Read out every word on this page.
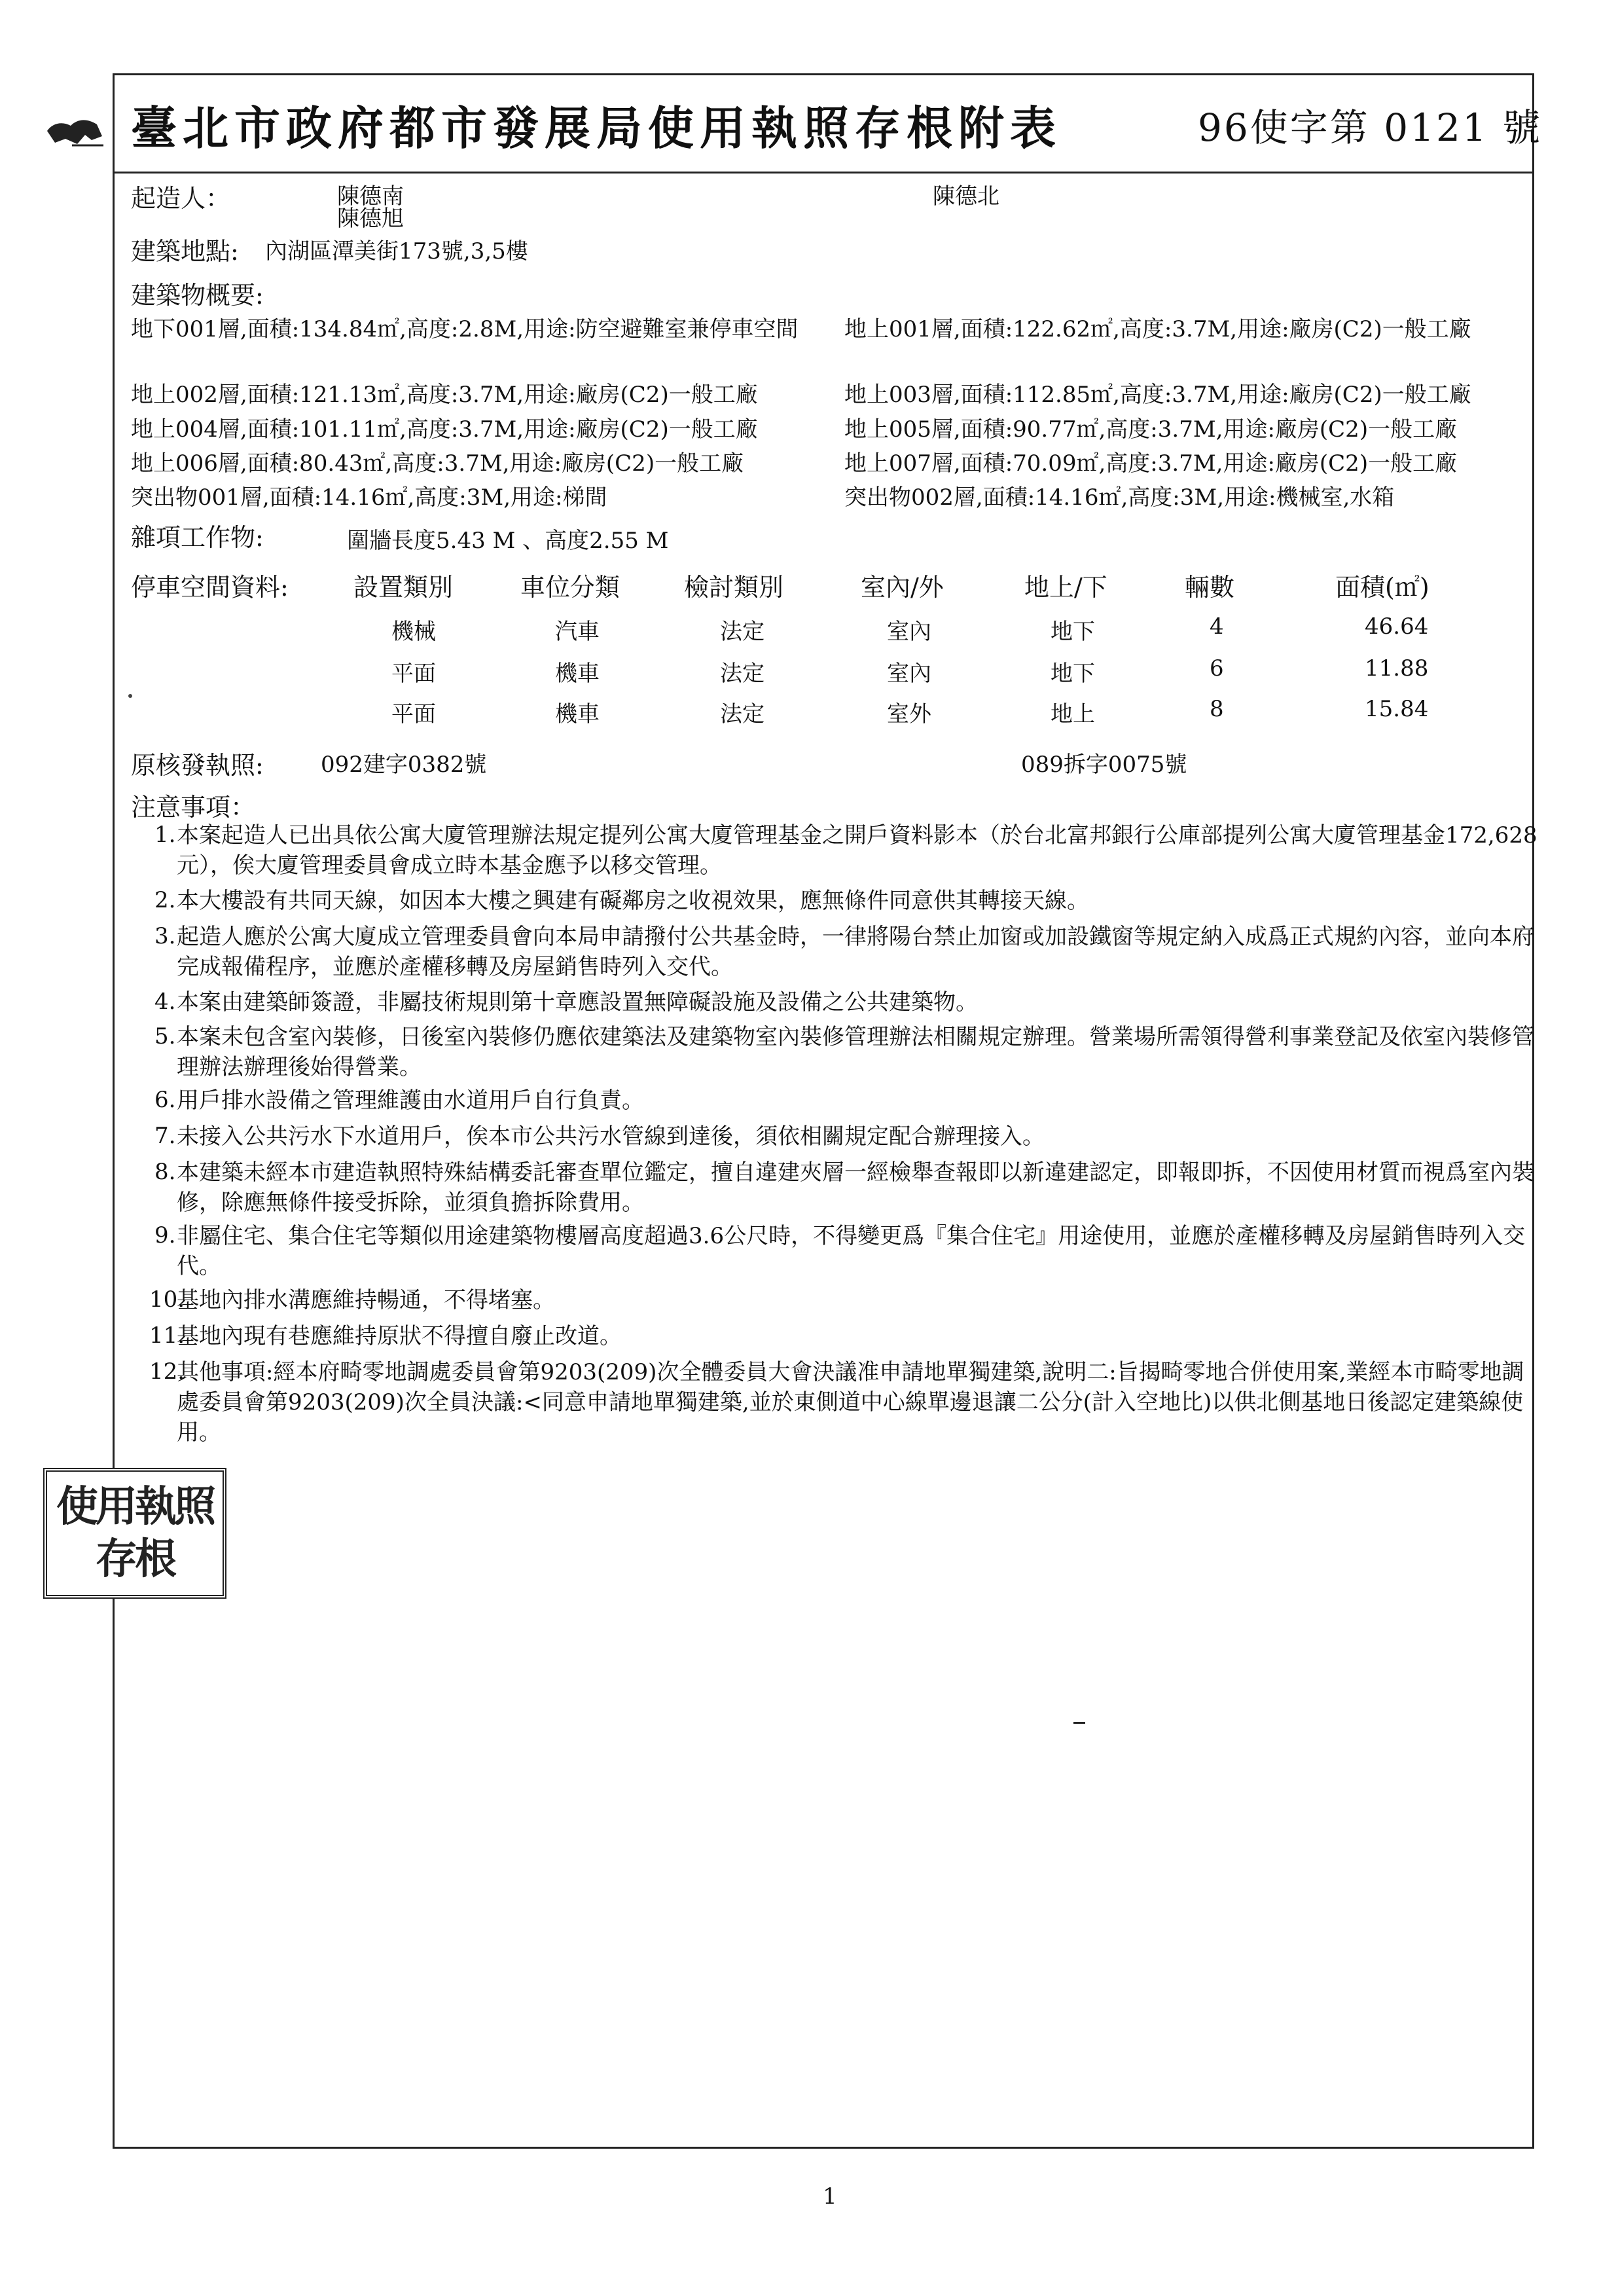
臺北市政府都市發展局使用執照存根附表	96使字第 0121 號
起造人：	陳德南
陳德旭
陳德北
建築地點: 內湖區潭美街173號,3,5樓
建築物概要:
地下001層,面積:134.84㎡,高度:2.8M,用途:防空避難室兼停車空間 地上001層,面積:122.62㎡,高度:3.7M,用途:廠房(C2)一般工廠
地上002層,面積:121.13㎡,高度:3.7M,用途:廠房(C2)一般工廠	地上003層,面積:112.85㎡,高度:3.7M,用途:廠房(C2)一般工廠
地上004層,面積:101.11㎡,高度:3.7M,用途:廠房(C2)一般工廠	地上005層,面積:90.77㎡,高度:3.7M,用途:廠房(C2)一般工廠
地上006層,面積:80.43㎡,高度:3.7M,用途:廠房(C2)一般工廠	地上007層,面積:70.09㎡,高度:3.7M,用途:廠房(C2)一般工廠
突出物001層,面積:14.16㎡,高度:3M,用途:梯間	突出物002層,面積:14.16㎡,高度:3M,用途:機械室,水箱
雜項工作物:	圍牆長度5.43 M 、高度2.55 M
停車空間資料:	設置類別	車位分類	檢討類別	室內/外	地上/下	輛數	面積(㎡)
機械	汽車	法定	室內	地下	4	46.64
平面	機車	法定	室內	地下	6	11.88
平面	機車	法定	室外	地上	8	15.84
原核發執照:	092建字0382號	089拆字0075號
注意事項：
1. 本案起造人已出具依公寓大廈管理辦法規定提列公寓大廈管理基金之開戶資料影本（於台北富邦銀行公庫部提列公寓大廈管理基金172,628元），俟大廈管理委員會成立時本基金應予以移交管理。
2. 本大樓設有共同天線，如因本大樓之興建有礙鄰房之收視效果，應無條件同意供其轉接天線。
3. 起造人應於公寓大廈成立管理委員會向本局申請撥付公共基金時，一律將陽台禁止加窗或加設鐵窗等規定納入成爲正式規約內容，並向本府完成報備程序，並應於產權移轉及房屋銷售時列入交代。
4. 本案由建築師簽證，非屬技術規則第十章應設置無障礙設施及設備之公共建築物。
5. 本案未包含室內裝修，日後室內裝修仍應依建築法及建築物室內裝修管理辦法相關規定辦理。營業場所需領得營利事業登記及依室內裝修管理辦法辦理後始得營業。
6. 用戶排水設備之管理維護由水道用戶自行負責。
7. 未接入公共污水下水道用戶，俟本市公共污水管線到達後，須依相關規定配合辦理接入。
8. 本建築未經本市建造執照特殊結構委託審查單位鑑定，擅自違建夾層一經檢舉查報即以新違建認定，即報即拆，不因使用材質而視爲室內裝修，除應無條件接受拆除，並須負擔拆除費用。
9. 非屬住宅、集合住宅等類似用途建築物樓層高度超過3.6公尺時，不得變更爲『集合住宅』用途使用，並應於產權移轉及房屋銷售時列入交代。
10.
基地內排水溝應維持暢通，不得堵塞。
11.
基地內現有巷應維持原狀不得擅自廢止改道。
12.
其他事項:經本府畸零地調處委員會第9203(209)次全體委員大會決議准申請地單獨建築,說明二:旨揭畸零地合併使用案,業經本市畸零地調處委員會第9203(209)次全員決議:<同意申請地單獨建築,並於東側道中心線單邊退讓二公分(計入空地比)以供北側基地日後認定建築線使用。
使
用
執
照
存
根
1
